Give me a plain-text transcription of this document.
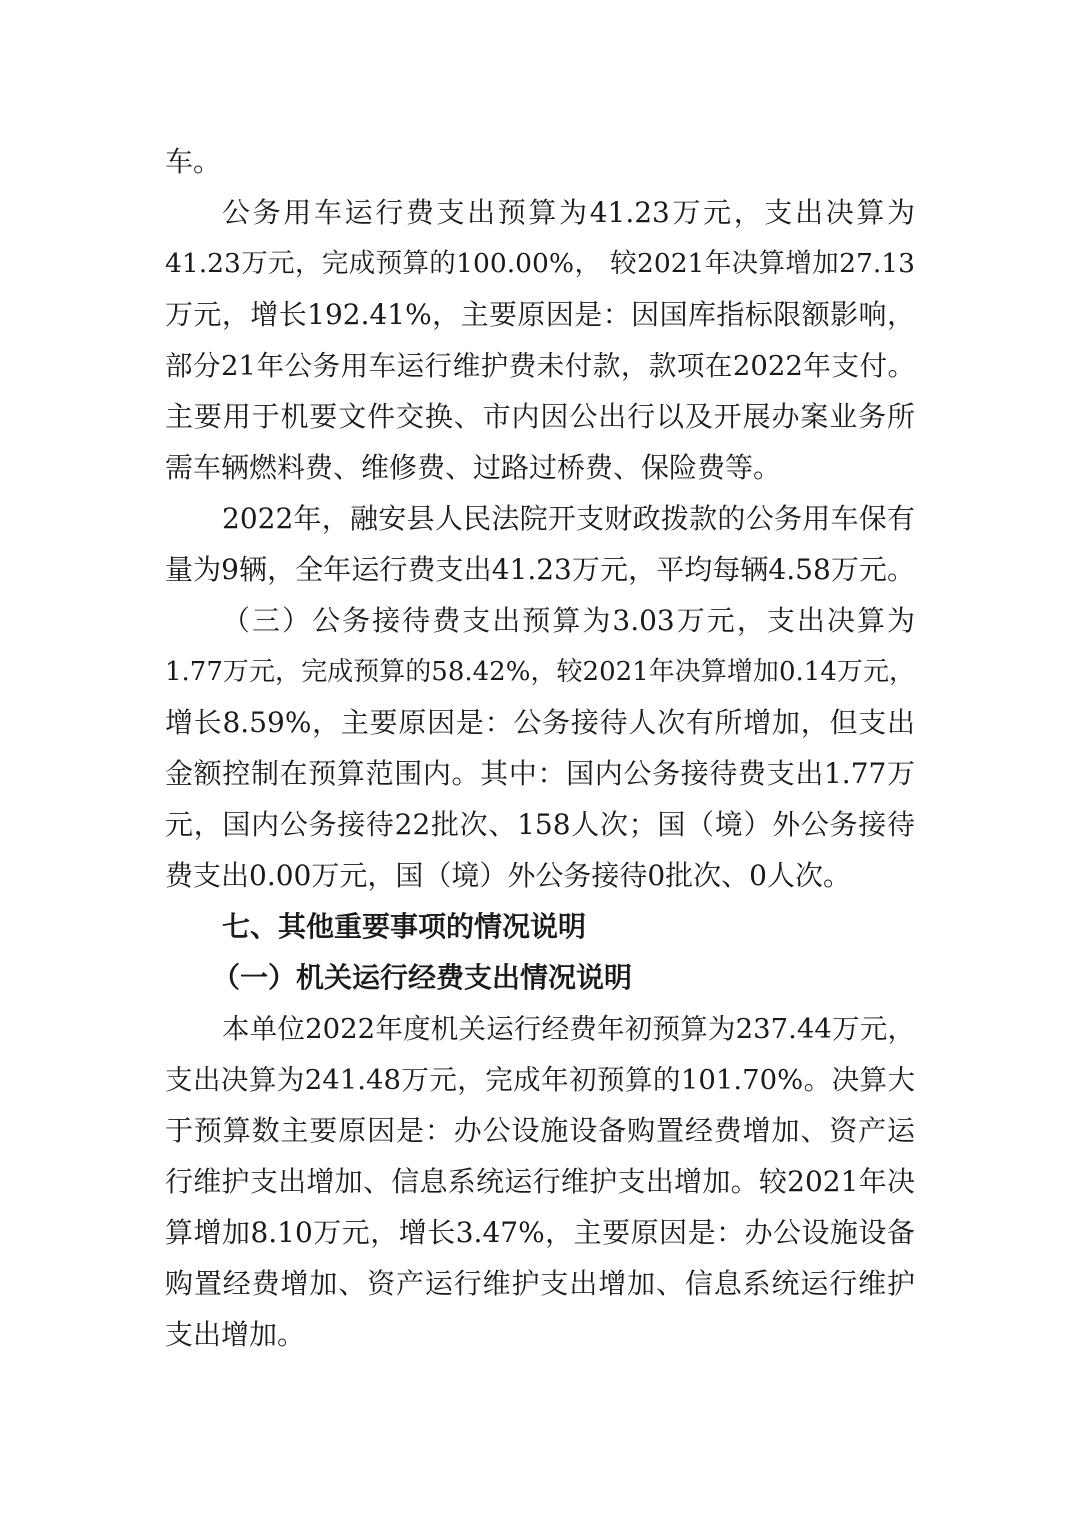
车。
公务用车运行费支出预算为41.23万元，支出决算为
41.23万元，完成预算的100.00%， 较2021年决算增加27.13
万元，增长192.41%，主要原因是：因国库指标限额影响，
部分21年公务用车运行维护费未付款，款项在2022年支付。
主要用于机要文件交换、市内因公出行以及开展办案业务所
需车辆燃料费、维修费、过路过桥费、保险费等。
2022年，融安县人民法院开支财政拨款的公务用车保有
量为9辆，全年运行费支出41.23万元，平均每辆4.58万元。
（三）公务接待费支出预算为3.03万元，支出决算为
1.77万元，完成预算的58.42%，较2021年决算增加0.14万元，
增长8.59%，主要原因是：公务接待人次有所增加，但支出
金额控制在预算范围内。其中：国内公务接待费支出1.77万
元，国内公务接待22批次、158人次；国（境）外公务接待
费支出0.00万元，国（境）外公务接待0批次、0人次。
七、其他重要事项的情况说明
（一）机关运行经费支出情况说明
本单位2022年度机关运行经费年初预算为237.44万元，
支出决算为241.48万元，完成年初预算的101.70%。决算大
于预算数主要原因是：办公设施设备购置经费增加、资产运
行维护支出增加、信息系统运行维护支出增加。较2021年决
算增加8.10万元，增长3.47%，主要原因是：办公设施设备
购置经费增加、资产运行维护支出增加、信息系统运行维护
支出增加。
